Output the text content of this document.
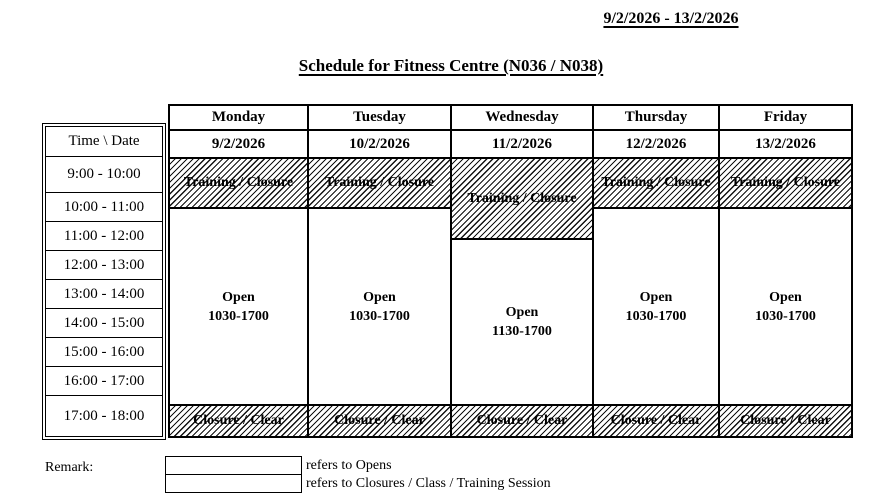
9/2/2026 - 13/2/2026
Schedule for Fitness Centre (N036 / N038)
Time \ Date
9:00 - 10:00
10:00 - 11:00
11:00 - 12:00
12:00 - 13:00
13:00 - 14:00
14:00 - 15:00
15:00 - 16:00
16:00 - 17:00
17:00 - 18:00
Monday
9/2/2026
Training / Closure
Open
1030-1700
Closure / Clear
Tuesday
10/2/2026
Training / Closure
Open
1030-1700
Closure / Clear
Wednesday
11/2/2026
Training / Closure
Open
1130-1700
Closure / Clear
Thursday
12/2/2026
Training / Closure
Open
1030-1700
Closure / Clear
Friday
13/2/2026
Training / Closure
Open
1030-1700
Closure / Clear
Remark:	refers to Opens
refers to Closures / Class / Training Session
